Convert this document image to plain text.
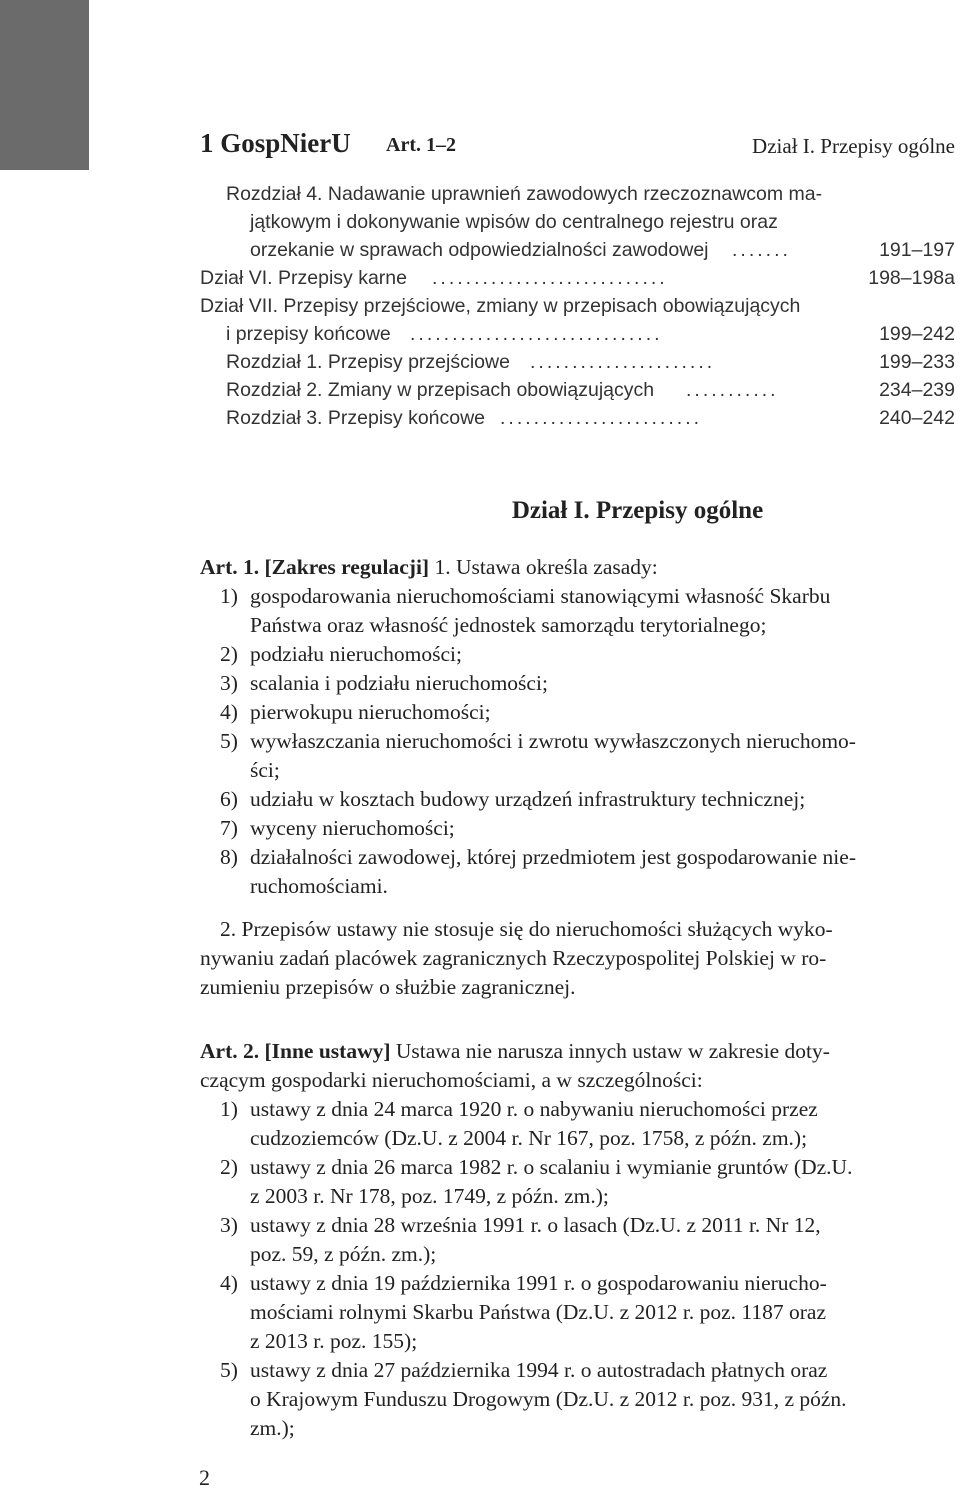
1 GospNierU Art. 1–2	Dział I. Przepisy ogólne
Rozdział 4. Nadawanie uprawnień zawodowych rzeczoznawcom ma-
jątkowym i dokonywanie wpisów do centralnego rejestru oraz
orzekanie w sprawach odpowiedzialności zawodowej .......	191–197
Dział VI. Przepisy karne ............................	198–198a
Dział VII. Przepisy przejściowe, zmiany w przepisach obowiązujących
i przepisy końcowe ..............................	199–242
Rozdział 1. Przepisy przejściowe ......................	199–233
Rozdział 2. Zmiany w przepisach obowiązujących ...........	234–239
Rozdział 3. Przepisy końcowe ........................	240–242
Dział I. Przepisy ogólne
Art. 1. [Zakres regulacji] 1. Ustawa określa zasady:
1) gospodarowania nieruchomościami stanowiącymi własność Skarbu
Państwa oraz własność jednostek samorządu terytorialnego;
2) podziału nieruchomości;
3) scalania i podziału nieruchomości;
4) pierwokupu nieruchomości;
5) wywłaszczania nieruchomości i zwrotu wywłaszczonych nieruchomo-
ści;
6) udziału w kosztach budowy urządzeń infrastruktury technicznej;
7) wyceny nieruchomości;
8) działalności zawodowej, której przedmiotem jest gospodarowanie nie-
ruchomościami.
2. Przepisów ustawy nie stosuje się do nieruchomości służących wyko-
nywaniu zadań placówek zagranicznych Rzeczypospolitej Polskiej w ro-
zumieniu przepisów o służbie zagranicznej.
Art. 2. [Inne ustawy] Ustawa nie narusza innych ustaw w zakresie doty-
czącym gospodarki nieruchomościami, a w szczególności:
1) ustawy z dnia 24 marca 1920 r. o nabywaniu nieruchomości przez
cudzoziemców (Dz.U. z 2004 r. Nr 167, poz. 1758, z późn. zm.);
2) ustawy z dnia 26 marca 1982 r. o scalaniu i wymianie gruntów (Dz.U.
z 2003 r. Nr 178, poz. 1749, z późn. zm.);
3) ustawy z dnia 28 września 1991 r. o lasach (Dz.U. z 2011 r. Nr 12,
poz. 59, z późn. zm.);
4) ustawy z dnia 19 października 1991 r. o gospodarowaniu nierucho-
mościami rolnymi Skarbu Państwa (Dz.U. z 2012 r. poz. 1187 oraz
z 2013 r. poz. 155);
5) ustawy z dnia 27 października 1994 r. o autostradach płatnych oraz
o Krajowym Funduszu Drogowym (Dz.U. z 2012 r. poz. 931, z późn.
zm.);
2
